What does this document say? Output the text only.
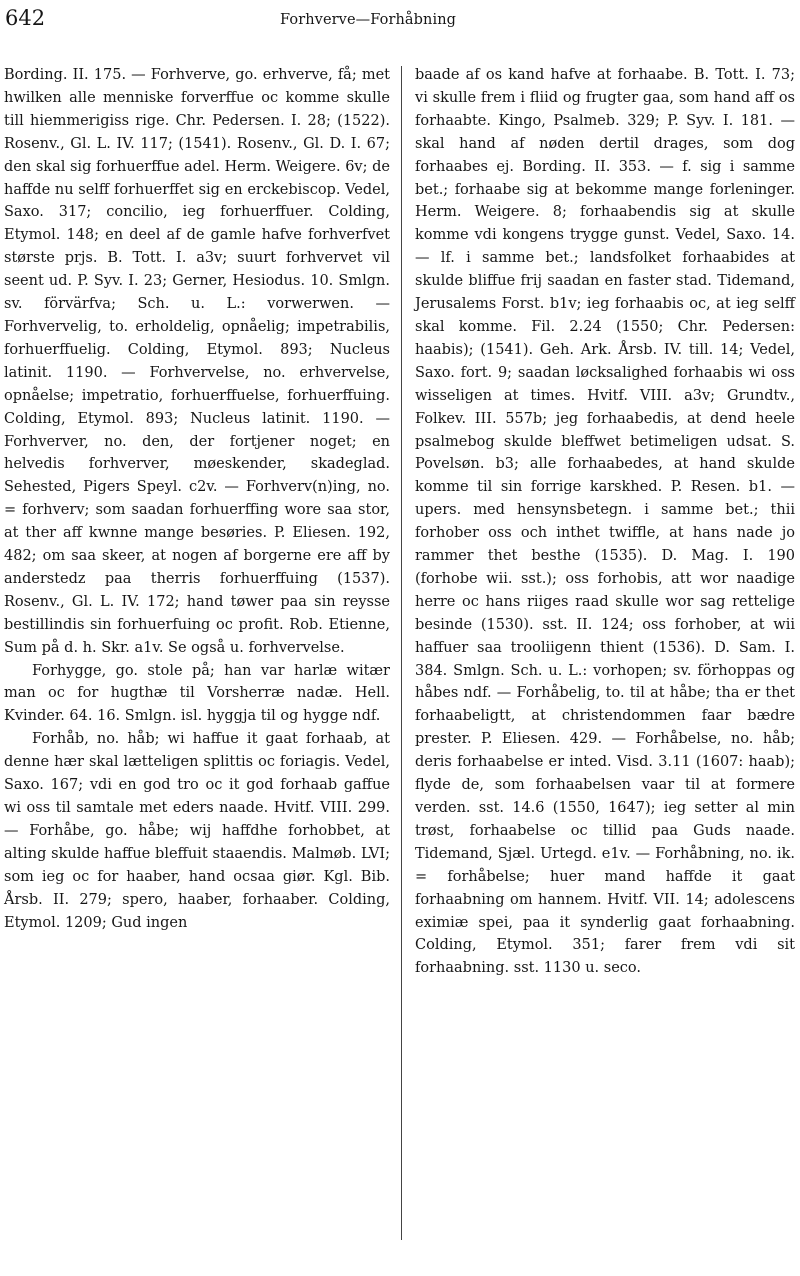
642	Forhverve—Forhåbning

Bording. II. 175. — Forhverve, go. erhverve, få; met hwilken alle menniske forverffue oc komme skulle till hiemmerigiss rige. Chr. Pedersen. I. 28; (1522). Rosenv., Gl. L. IV. 117; (1541). Rosenv., Gl. D. I. 67; den skal sig forhuerffue adel. Herm. Weigere. 6v; de haffde nu selff forhuerffet sig en erckebiscop. Vedel, Saxo. 317; concilio, ieg forhuerffuer. Colding, Etymol. 148; en deel af de gamle hafve forhverfvet største prjs. B. Tott. I. a3v; suurt forhvervet vil seent ud. P. Syv. I. 23; Gerner, Hesiodus. 10. Smlgn. sv. förvärfva; Sch. u. L.: vorwerwen. — Forhvervelig, to. erholdelig, opnåelig; impetrabilis, forhuerffuelig. Colding, Etymol. 893; Nucleus latinit. 1190. — Forhvervelse, no. erhvervelse, opnåelse; impetratio, forhuerffuelse, forhuerffuing. Colding, Etymol. 893; Nucleus latinit. 1190. — Forhverver, no. den, der fortjener noget; en helvedis forhverver, møeskender, skadeglad. Sehested, Pigers Speyl. c2v. — Forhverv(n)ing, no. = forhverv; som saadan forhuerffing wore saa stor, at ther aff kwnne mange besøries. P. Eliesen. 192, 482; om saa skeer, at nogen af borgerne ere aff by anderstedz paa therris forhuerffuing (1537). Rosenv., Gl. L. IV. 172; hand tøwer paa sin reysse bestillindis sin forhuerfuing oc profit. Rob. Etienne, Sum på d. h. Skr. a1v. Se også u. forhvervelse.

Forhygge, go. stole på; han var harlæ witær man oc for hugthæ til Vorsherræ nadæ. Hell. Kvinder. 64. 16. Smlgn. isl. hyggja til og hygge ndf.

Forhåb, no. håb; wi haffue it gaat forhaab, at denne hær skal lætteligen splittis oc foriagis. Vedel, Saxo. 167; vdi en god tro oc it god forhaab gaffue wi oss til samtale met eders naade. Hvitf. VIII. 299. — Forhåbe, go. håbe; wij haffdhe forhobbet, at alting skulde haffue bleffuit staaendis. Malmøb. LVI; som ieg oc for haaber, hand ocsaa giør. Kgl. Bib. Årsb. II. 279; spero, haaber, forhaaber. Colding, Etymol. 1209; Gud ingen

baade af os kand hafve at forhaabe. B. Tott. I. 73; vi skulle frem i fliid og frugter gaa, som hand aff os forhaabte. Kingo, Psalmeb. 329; P. Syv. I. 181. — skal hand af nøden dertil drages, som dog forhaabes ej. Bording. II. 353. — f. sig i samme bet.; forhaabe sig at bekomme mange forleninger. Herm. Weigere. 8; forhaabendis sig at skulle komme vdi kongens trygge gunst. Vedel, Saxo. 14. — lf. i samme bet.; landsfolket forhaabides at skulde bliffue frij saadan en faster stad. Tidemand, Jerusalems Forst. b1v; ieg forhaabis oc, at ieg selff skal komme. Fil. 2.24 (1550; Chr. Pedersen: haabis); (1541). Geh. Ark. Årsb. IV. till. 14; Vedel, Saxo. fort. 9; saadan løcksalighed forhaabis wi oss wisseligen at times. Hvitf. VIII. a3v; Grundtv., Folkev. III. 557b; jeg forhaabedis, at dend heele psalmebog skulde bleffwet betimeligen udsat. S. Povelsøn. b3; alle forhaabedes, at hand skulde komme til sin forrige karskhed. P. Resen. b1. — upers. med hensynsbetegn. i samme bet.; thii forhober oss och inthet twiffle, at hans nade jo rammer thet besthe (1535). D. Mag. I. 190 (forhobe wii. sst.); oss forhobis, att wor naadige herre oc hans riiges raad skulle wor sag rettelige besinde (1530). sst. II. 124; oss forhober, at wii haffuer saa trooliigenn thient (1536). D. Sam. I. 384. Smlgn. Sch. u. L.: vorhopen; sv. förhoppas og håbes ndf. — Forhåbelig, to. til at håbe; tha er thet forhaabeligtt, at christendommen faar bædre prester. P. Eliesen. 429. — Forhåbelse, no. håb; deris forhaabelse er inted. Visd. 3.11 (1607: haab); flyde de, som forhaabelsen vaar til at formere verden. sst. 14.6 (1550, 1647); ieg setter al min trøst, forhaabelse oc tillid paa Guds naade. Tidemand, Sjæl. Urtegd. e1v. — Forhåbning, no. ik. = forhåbelse; huer mand haffde it gaat forhaabning om hannem. Hvitf. VII. 14; adolescens eximiæ spei, paa it synderlig gaat forhaabning. Colding, Etymol. 351; farer frem vdi sit forhaabning. sst. 1130 u. seco.
